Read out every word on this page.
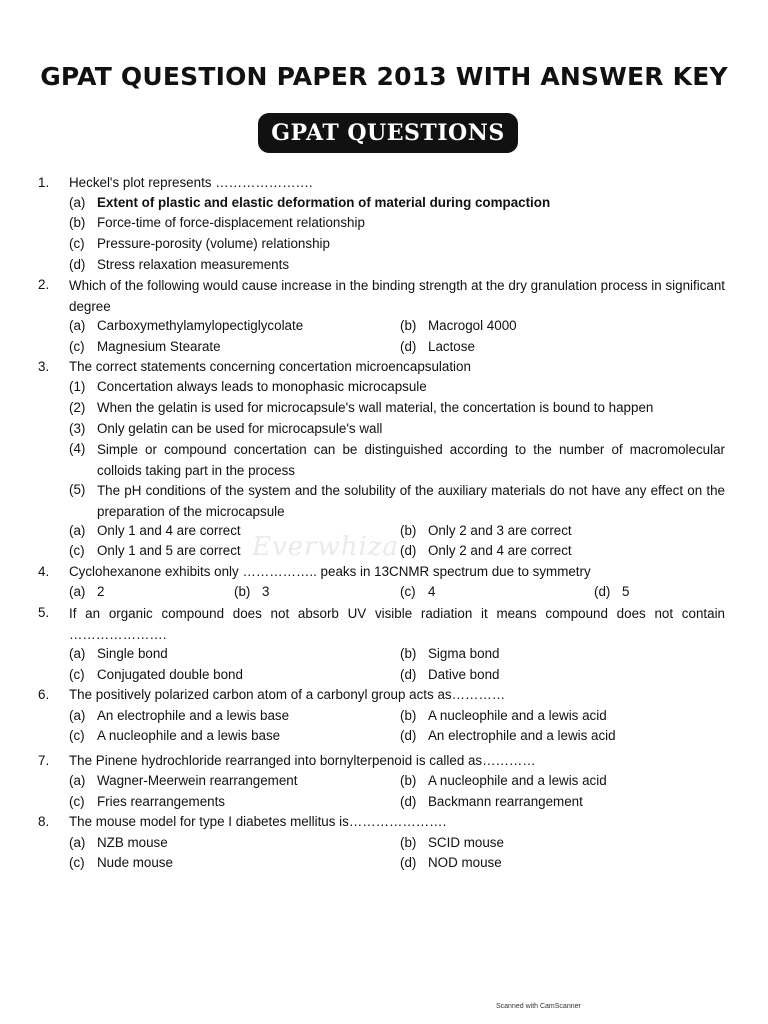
GPAT QUESTION PAPER 2013 WITH ANSWER KEY
GPAT QUESTIONS
Everwhiza
1. Heckel's plot represents ………………….
(a) Extent of plastic and elastic deformation of material during compaction
(b) Force-time of force-displacement relationship
(c) Pressure-porosity (volume) relationship
(d) Stress relaxation measurements
2. Which of the following would cause increase in the binding strength at the dry granulation process in significant degree
(a) Carboxymethylamylopectiglycolate	(b) Macrogol 4000
(c) Magnesium Stearate	(d) Lactose
3. The correct statements concerning concertation microencapsulation
(1) Concertation always leads to monophasic microcapsule
(2) When the gelatin is used for microcapsule's wall material, the concertation is bound to happen
(3) Only gelatin can be used for microcapsule's wall
(4) Simple or compound concertation can be distinguished according to the number of macromolecular colloids taking part in the process
(5) The pH conditions of the system and the solubility of the auxiliary materials do not have any effect on the preparation of the microcapsule
(a) Only 1 and 4 are correct	(b) Only 2 and 3 are correct
(c) Only 1 and 5 are correct	(d) Only 2 and 4 are correct
4. Cyclohexanone exhibits only …………….. peaks in 13CNMR spectrum due to symmetry
(a) 2	(b) 3	(c) 4	(d) 5
5. If an organic compound does not absorb UV visible radiation it means compound does not contain ………………….
(a) Single bond	(b) Sigma bond
(c) Conjugated double bond	(d) Dative bond
6. The positively polarized carbon atom of a carbonyl group acts as…………
(a) An electrophile and a lewis base	(b) A nucleophile and a lewis acid
(c) A nucleophile and a lewis base	(d) An electrophile and a lewis acid
7. The Pinene hydrochloride rearranged into bornylterpenoid is called as…………
(a) Wagner-Meerwein rearrangement	(b) A nucleophile and a lewis acid
(c) Fries rearrangements	(d) Backmann rearrangement
8. The mouse model for type I diabetes mellitus is………………….
(a) NZB mouse	(b) SCID mouse
(c) Nude mouse	(d) NOD mouse
Scanned with CamScanner
